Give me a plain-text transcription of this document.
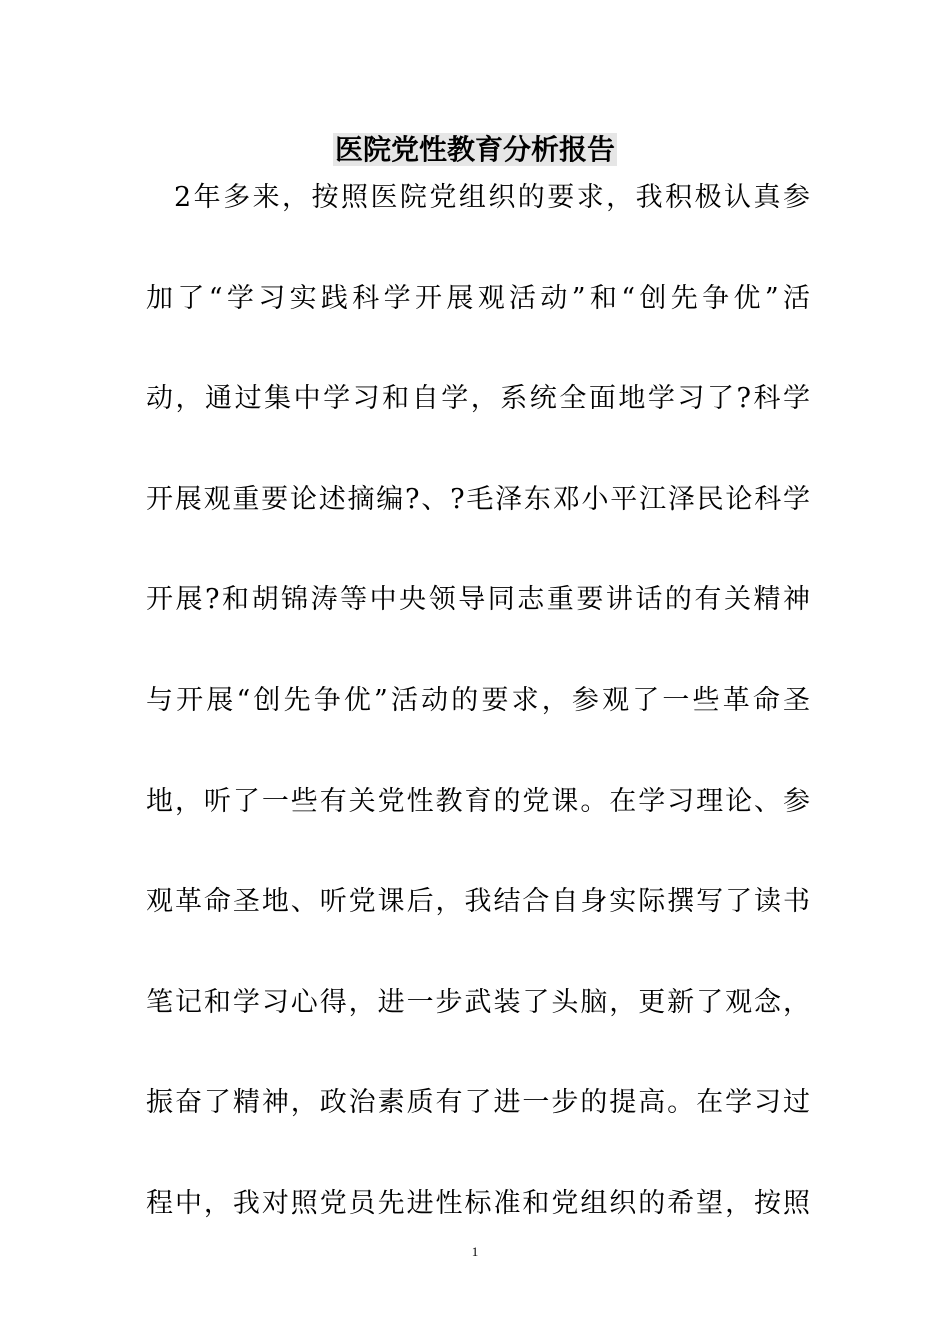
医院党性教育分析报告
2年多来，按照医院党组织的要求，我积极认真参
加了“学习实践科学开展观活动”和“创先争优”活
动，通过集中学习和自学，系统全面地学习了?科学
开展观重要论述摘编?、?毛泽东邓小平江泽民论科学
开展?和胡锦涛等中央领导同志重要讲话的有关精神
与开展“创先争优”活动的要求，参观了一些革命圣
地，听了一些有关党性教育的党课。在学习理论、参
观革命圣地、听党课后，我结合自身实际撰写了读书
笔记和学习心得，进一步武装了头脑，更新了观念，
振奋了精神，政治素质有了进一步的提高。在学习过
程中，我对照党员先进性标准和党组织的希望，按照
1
